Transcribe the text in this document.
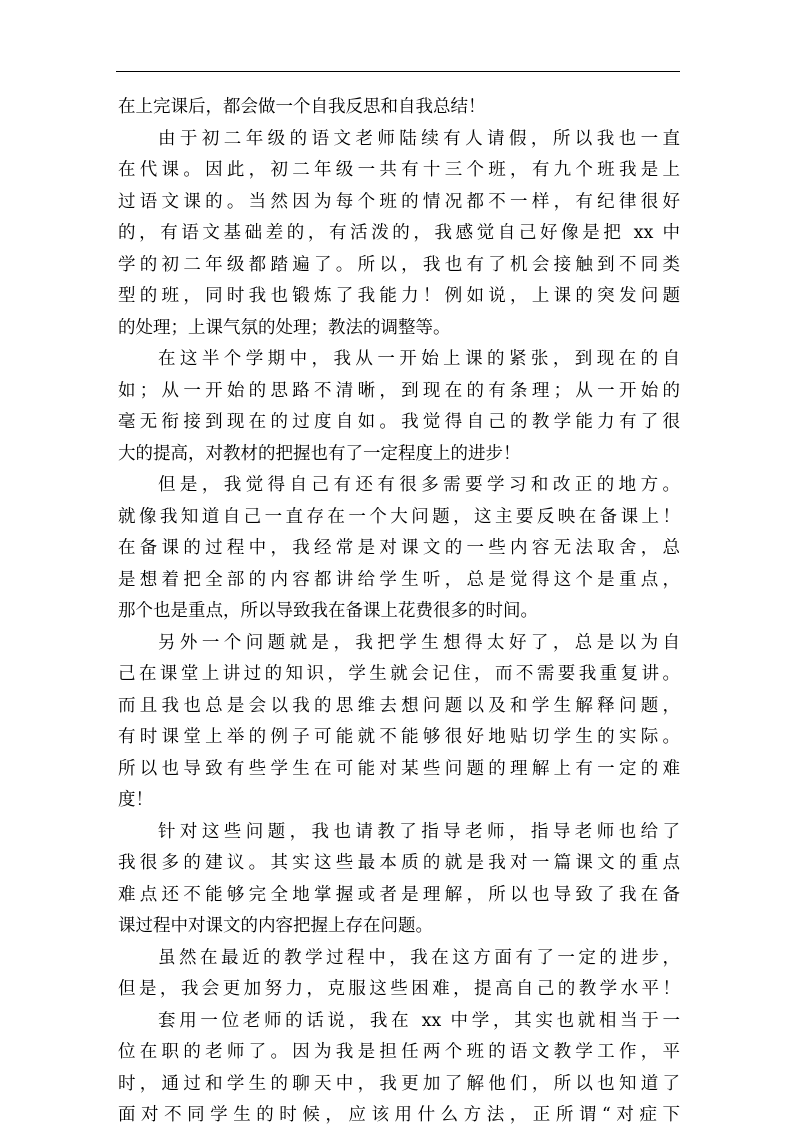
在上完课后，都会做一个自我反思和自我总结！
由于初二年级的语文老师陆续有人请假，所以我也一直
在代课。因此，初二年级一共有十三个班，有九个班我是上
过语文课的。当然因为每个班的情况都不一样，有纪律很好
的，有语文基础差的，有活泼的，我感觉自己好像是把 xx 中
学的初二年级都踏遍了。所以，我也有了机会接触到不同类
型的班，同时我也锻炼了我能力！例如说，上课的突发问题
的处理；上课气氛的处理；教法的调整等。
在这半个学期中，我从一开始上课的紧张，到现在的自
如；从一开始的思路不清晰，到现在的有条理；从一开始的
毫无衔接到现在的过度自如。我觉得自己的教学能力有了很
大的提高，对教材的把握也有了一定程度上的进步！
但是，我觉得自己有还有很多需要学习和改正的地方。
就像我知道自己一直存在一个大问题，这主要反映在备课上！
在备课的过程中，我经常是对课文的一些内容无法取舍，总
是想着把全部的内容都讲给学生听，总是觉得这个是重点，
那个也是重点，所以导致我在备课上花费很多的时间。
另外一个问题就是，我把学生想得太好了，总是以为自
己在课堂上讲过的知识，学生就会记住，而不需要我重复讲。
而且我也总是会以我的思维去想问题以及和学生解释问题，
有时课堂上举的例子可能就不能够很好地贴切学生的实际。
所以也导致有些学生在可能对某些问题的理解上有一定的难
度！
针对这些问题，我也请教了指导老师，指导老师也给了
我很多的建议。其实这些最本质的就是我对一篇课文的重点
难点还不能够完全地掌握或者是理解，所以也导致了我在备
课过程中对课文的内容把握上存在问题。
虽然在最近的教学过程中，我在这方面有了一定的进步，
但是，我会更加努力，克服这些困难，提高自己的教学水平！
套用一位老师的话说，我在 xx 中学，其实也就相当于一
位在职的老师了。因为我是担任两个班的语文教学工作，平
时，通过和学生的聊天中，我更加了解他们，所以也知道了
面对不同学生的时候，应该用什么方法，正所谓“对症下
